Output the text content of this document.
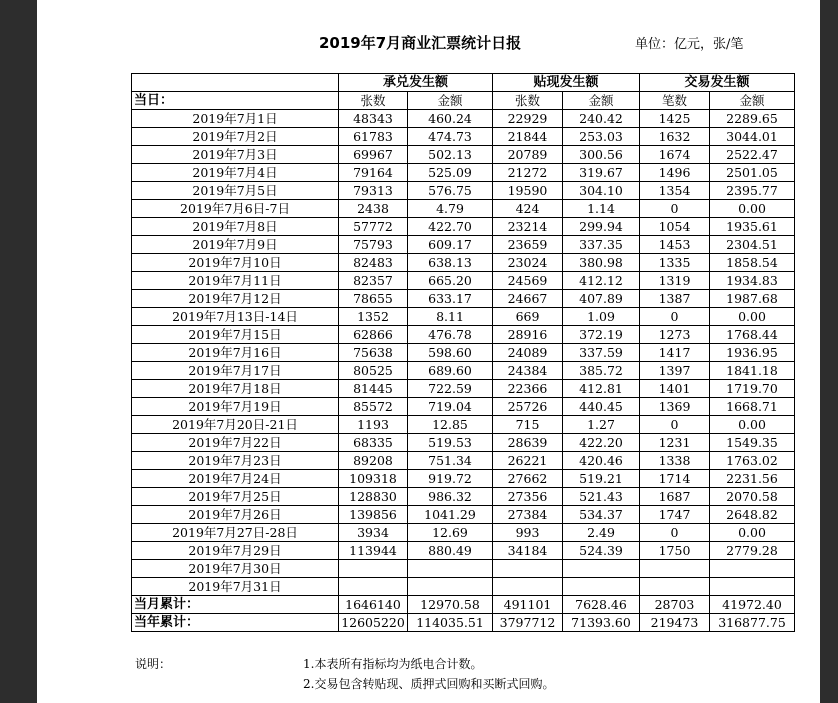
2019年7月商业汇票统计日报	单位：亿元，张/笔
	承兑发生额		贴现发生额		交易发生额	
当日：	张数	金额	张数	金额	笔数	金额
2019年7月1日	48343	460.24	22929	240.42	1425	2289.65
2019年7月2日	61783	474.73	21844	253.03	1632	3044.01
2019年7月3日	69967	502.13	20789	300.56	1674	2522.47
2019年7月4日	79164	525.09	21272	319.67	1496	2501.05
2019年7月5日	79313	576.75	19590	304.10	1354	2395.77
2019年7月6日-7日	2438	4.79	424	1.14	0	0.00
2019年7月8日	57772	422.70	23214	299.94	1054	1935.61
2019年7月9日	75793	609.17	23659	337.35	1453	2304.51
2019年7月10日	82483	638.13	23024	380.98	1335	1858.54
2019年7月11日	82357	665.20	24569	412.12	1319	1934.83
2019年7月12日	78655	633.17	24667	407.89	1387	1987.68
2019年7月13日-14日	1352	8.11	669	1.09	0	0.00
2019年7月15日	62866	476.78	28916	372.19	1273	1768.44
2019年7月16日	75638	598.60	24089	337.59	1417	1936.95
2019年7月17日	80525	689.60	24384	385.72	1397	1841.18
2019年7月18日	81445	722.59	22366	412.81	1401	1719.70
2019年7月19日	85572	719.04	25726	440.45	1369	1668.71
2019年7月20日-21日	1193	12.85	715	1.27	0	0.00
2019年7月22日	68335	519.53	28639	422.20	1231	1549.35
2019年7月23日	89208	751.34	26221	420.46	1338	1763.02
2019年7月24日	109318	919.72	27662	519.21	1714	2231.56
2019年7月25日	128830	986.32	27356	521.43	1687	2070.58
2019年7月26日	139856	1041.29	27384	534.37	1747	2648.82
2019年7月27日-28日	3934	12.69	993	2.49	0	0.00
2019年7月29日	113944	880.49	34184	524.39	1750	2779.28
2019年7月30日						
2019年7月31日						
当月累计：	1646140	12970.58	491101	7628.46	28703	41972.40
当年累计：	12605220	114035.51	3797712	71393.60	219473	316877.75
说明：	1.本表所有指标均为纸电合计数。
2.交易包含转贴现、质押式回购和买断式回购。
